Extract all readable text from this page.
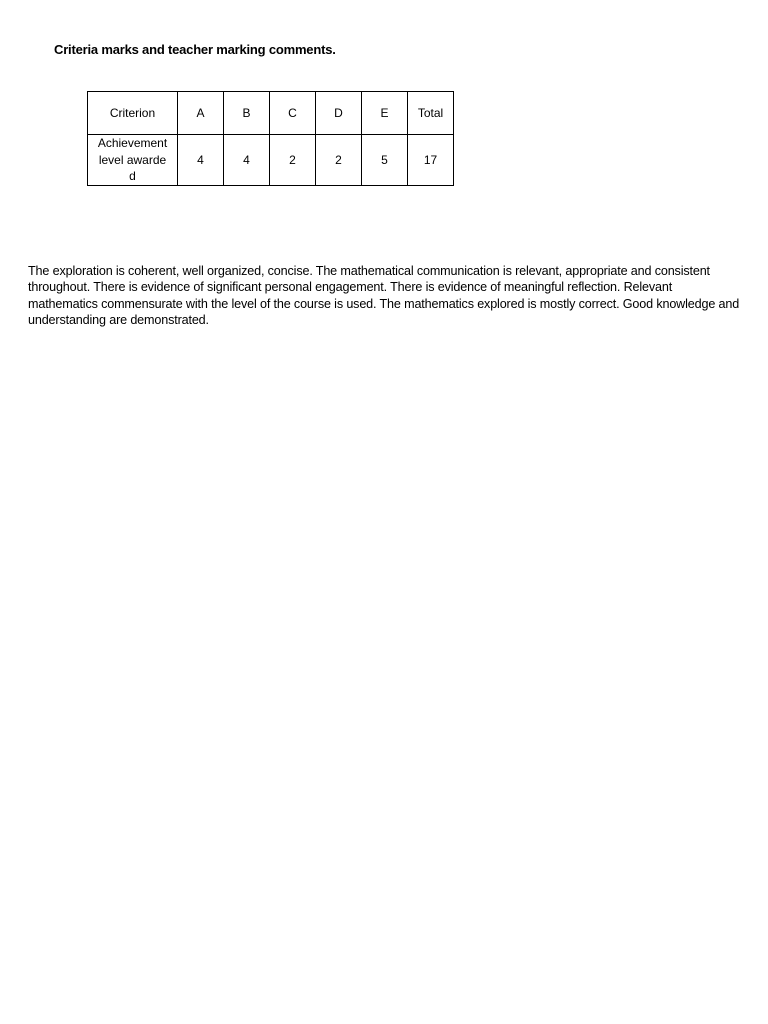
Criteria marks and teacher marking comments.
Criterion	A	B	C	D	E	Total
Achievement level awarded	4	4	2	2	5	17

The exploration is coherent, well organized, concise. The mathematical communication is relevant, appropriate and consistent throughout. There is evidence of significant personal engagement. There is evidence of meaningful reflection. Relevant mathematics commensurate with the level of the course is used. The mathematics explored is mostly correct. Good knowledge and understanding are demonstrated.
